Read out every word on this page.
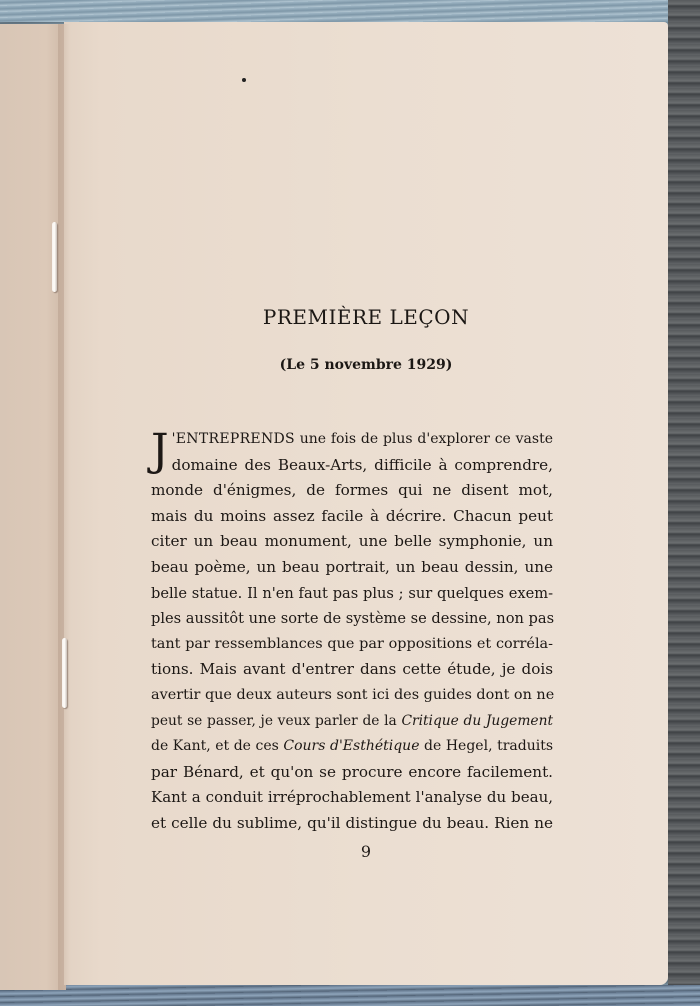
PREMIÈRE LEÇON
(Le 5 novembre 1929)
J 'ENTREPRENDS une fois de plus d'explorer ce vaste
domaine des Beaux-Arts, difficile à comprendre,
monde d'énigmes, de formes qui ne disent mot,
mais du moins assez facile à décrire. Chacun peut
citer un beau monument, une belle symphonie, un
beau poème, un beau portrait, un beau dessin, une
belle statue. Il n'en faut pas plus ; sur quelques exem-
ples aussitôt une sorte de système se dessine, non pas
tant par ressemblances que par oppositions et corréla-
tions. Mais avant d'entrer dans cette étude, je dois
avertir que deux auteurs sont ici des guides dont on ne
peut se passer, je veux parler de la Critique du Jugement
de Kant, et de ces Cours d'Esthétique de Hegel, traduits
par Bénard, et qu'on se procure encore facilement.
Kant a conduit irréprochablement l'analyse du beau,
et celle du sublime, qu'il distingue du beau. Rien ne
9
